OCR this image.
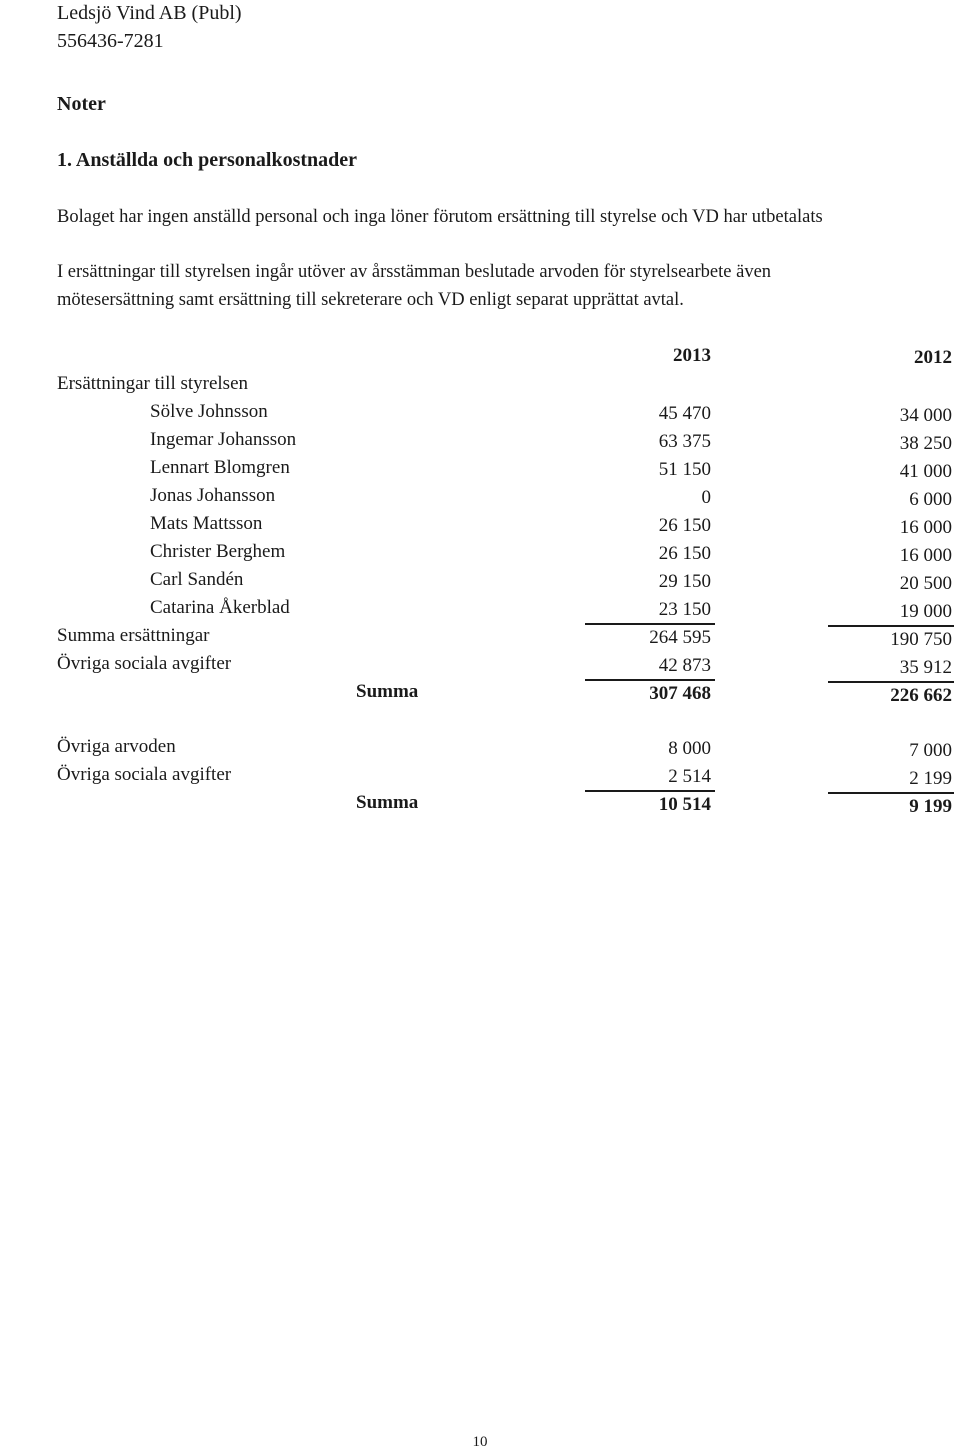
Ledsjö Vind AB (Publ)
556436-7281
Noter
1. Anställda och personalkostnader
Bolaget har ingen anställd personal och inga löner förutom ersättning till styrelse och VD har utbetalats
I ersättningar till styrelsen ingår utöver av årsstämman beslutade arvoden för styrelsearbete även
mötesersättning samt ersättning till sekreterare och VD enligt separat upprättat avtal.
2013	2012
Ersättningar till styrelsen
Sölve Johnsson	45 470	34 000
Ingemar Johansson	63 375	38 250
Lennart Blomgren	51 150	41 000
Jonas Johansson	0	6 000
Mats Mattsson	26 150	16 000
Christer Berghem	26 150	16 000
Carl Sandén	29 150	20 500
Catarina Åkerblad	23 150	19 000
Summa ersättningar	264 595	190 750
Övriga sociala avgifter	42 873	35 912
Summa	307 468	226 662
Övriga arvoden	8 000	7 000
Övriga sociala avgifter	2 514	2 199
Summa	10 514	9 199
10
